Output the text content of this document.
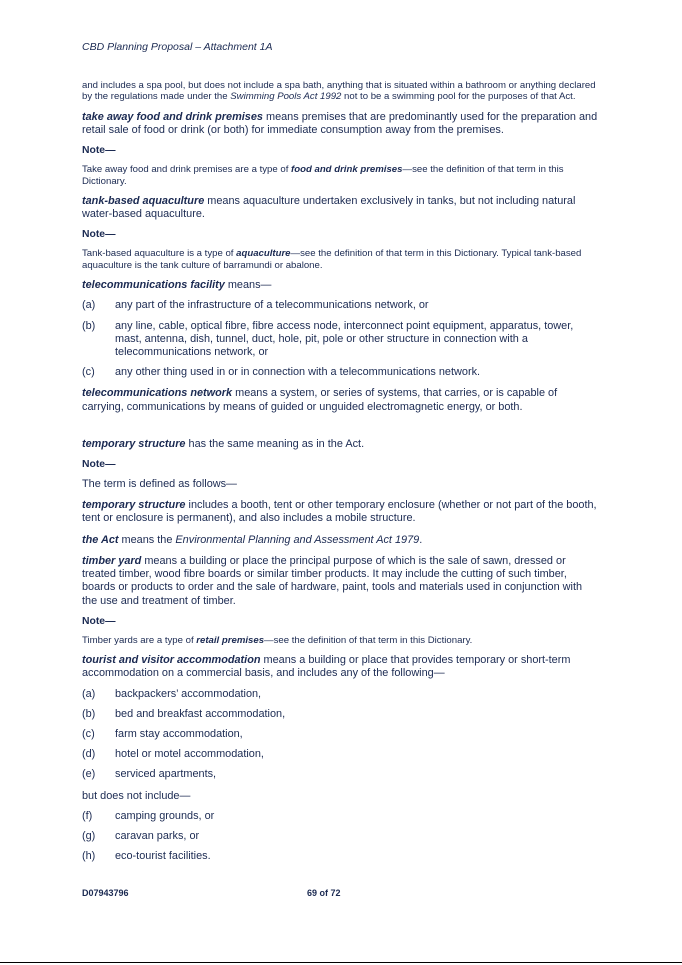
CBD Planning Proposal – Attachment 1A

and includes a spa pool, but does not include a spa bath, anything that is situated within a bathroom or anything declared by the regulations made under the Swimming Pools Act 1992 not to be a swimming pool for the purposes of that Act.

take away food and drink premises means premises that are predominantly used for the preparation and retail sale of food or drink (or both) for immediate consumption away from the premises.

Note—

Take away food and drink premises are a type of food and drink premises—see the definition of that term in this Dictionary.

tank-based aquaculture means aquaculture undertaken exclusively in tanks, but not including natural water-based aquaculture.

Note—

Tank-based aquaculture is a type of aquaculture—see the definition of that term in this Dictionary. Typical tank-based aquaculture is the tank culture of barramundi or abalone.

telecommunications facility means—

(a)	any part of the infrastructure of a telecommunications network, or
(b)	any line, cable, optical fibre, fibre access node, interconnect point equipment, apparatus, tower, mast, antenna, dish, tunnel, duct, hole, pit, pole or other structure in connection with a telecommunications network, or
(c)	any other thing used in or in connection with a telecommunications network.

telecommunications network means a system, or series of systems, that carries, or is capable of carrying, communications by means of guided or unguided electromagnetic energy, or both.

temporary structure has the same meaning as in the Act.

Note—

The term is defined as follows—

temporary structure includes a booth, tent or other temporary enclosure (whether or not part of the booth, tent or enclosure is permanent), and also includes a mobile structure.

the Act means the Environmental Planning and Assessment Act 1979.

timber yard means a building or place the principal purpose of which is the sale of sawn, dressed or treated timber, wood fibre boards or similar timber products. It may include the cutting of such timber, boards or products to order and the sale of hardware, paint, tools and materials used in conjunction with the use and treatment of timber.

Note—

Timber yards are a type of retail premises—see the definition of that term in this Dictionary.

tourist and visitor accommodation means a building or place that provides temporary or short-term accommodation on a commercial basis, and includes any of the following—

(a)	backpackers’ accommodation,
(b)	bed and breakfast accommodation,
(c)	farm stay accommodation,
(d)	hotel or motel accommodation,
(e)	serviced apartments,

but does not include—

(f)	camping grounds, or
(g)	caravan parks, or
(h)	eco-tourist facilities.
D07943796	69 of 72
